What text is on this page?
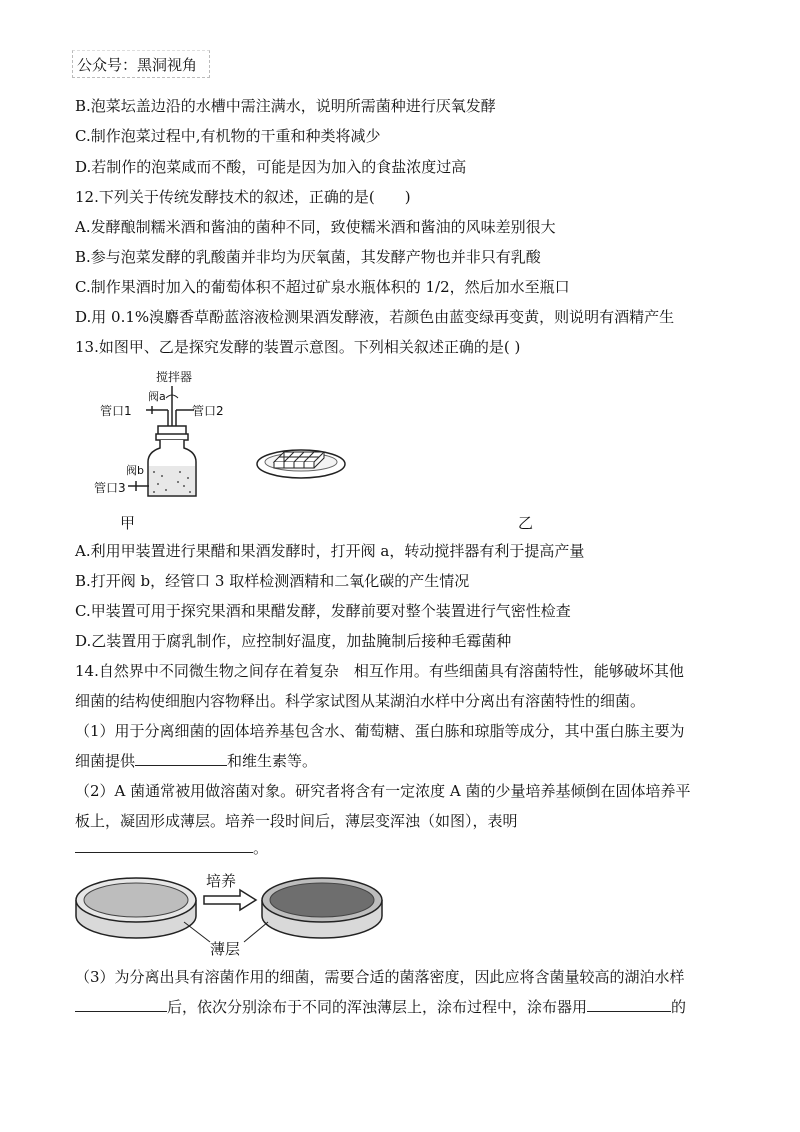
公众号：黑洞视角
B.泡菜坛盖边沿的水槽中需注满水，说明所需菌种进行厌氧发酵
C.制作泡菜过程中,有机物的干重和种类将减少
D.若制作的泡菜咸而不酸，可能是因为加入的食盐浓度过高
12.下列关于传统发酵技术的叙述，正确的是(　　)
A.发酵酿制糯米酒和酱油的菌种不同，致使糯米酒和酱油的风味差别很大
B.参与泡菜发酵的乳酸菌并非均为厌氧菌，其发酵产物也并非只有乳酸
C.制作果酒时加入的葡萄体积不超过矿泉水瓶体积的 1/2，然后加水至瓶口
D.用 0.1%溴麝香草酚蓝溶液检测果酒发酵液，若颜色由蓝变绿再变黄，则说明有酒精产生
13.如图甲、乙是探究发酵的装置示意图。下列相关叙述正确的是( )
搅拌器
阀a
管口1	管口2
阀b
管口3
甲	乙
A.利用甲装置进行果醋和果酒发酵时，打开阀 a，转动搅拌器有利于提高产量
B.打开阀 b，经管口 3 取样检测酒精和二氧化碳的产生情况
C.甲装置可用于探究果酒和果醋发酵，发酵前要对整个装置进行气密性检查
D.乙装置用于腐乳制作，应控制好温度，加盐腌制后接种毛霉菌种
14.自然界中不同微生物之间存在着复杂　相互作用。有些细菌具有溶菌特性，能够破坏其他
细菌的结构使细胞内容物释出。科学家试图从某湖泊水样中分离出有溶菌特性的细菌。
（1）用于分离细菌的固体培养基包含水、葡萄糖、蛋白胨和琼脂等成分，其中蛋白胨主要为
细菌提供	和维生素等。
（2）A 菌通常被用做溶菌对象。研究者将含有一定浓度 A 菌的少量培养基倾倒在固体培养平
板上，凝固形成薄层。培养一段时间后，薄层变浑浊（如图），表明
。
培养
薄层
（3）为分离出具有溶菌作用的细菌，需要合适的菌落密度，因此应将含菌量较高的湖泊水样
后，依次分别涂布于不同的浑浊薄层上，涂布过程中，涂布器用	的
